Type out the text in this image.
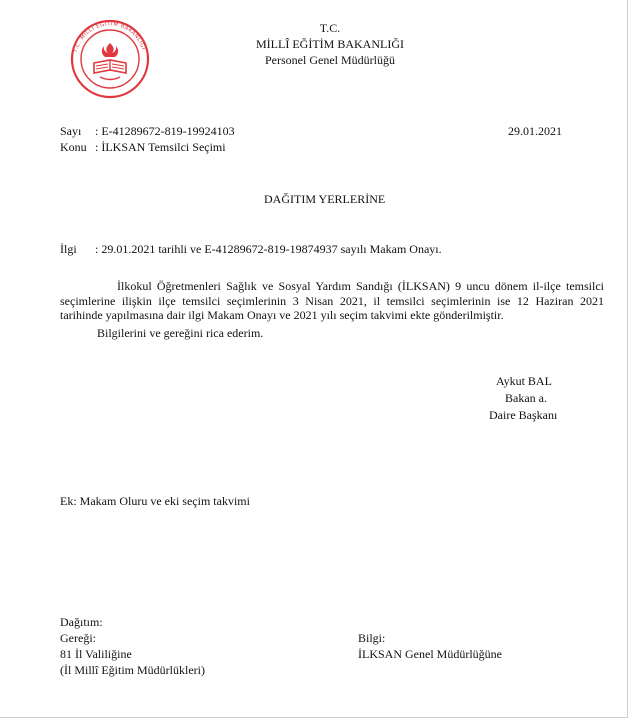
T.C. MİLLÎ EĞİTİM BAKANLIĞI
T.C.
MİLLÎ EĞİTİM BAKANLIĞI
Personel Genel Müdürlüğü
Sayı : E-41289672-819-19924103	29.01.2021
Konu : İLKSAN Temsilci Seçimi
DAĞITIM YERLERİNE
İlgi : 29.01.2021 tarihli ve E-41289672-819-19874937 sayılı Makam Onayı.
İlkokul Öğretmenleri Sağlık ve Sosyal Yardım Sandığı (İLKSAN) 9 uncu dönem il-ilçe temsilci
seçimlerine ilişkin ilçe temsilci seçimlerinin 3 Nisan 2021, il temsilci seçimlerinin ise 12 Haziran 2021
tarihinde yapılmasına dair ilgi Makam Onayı ve 2021 yılı seçim takvimi ekte gönderilmiştir.
Bilgilerini ve gereğini rica ederim.
Aykut BAL
Bakan a.
Daire Başkanı
Ek: Makam Oluru ve eki seçim takvimi
Dağıtım:
Gereği:
81 İl Valiliğine
(İl Millî Eğitim Müdürlükleri)
Bilgi:
İLKSAN Genel Müdürlüğüne
